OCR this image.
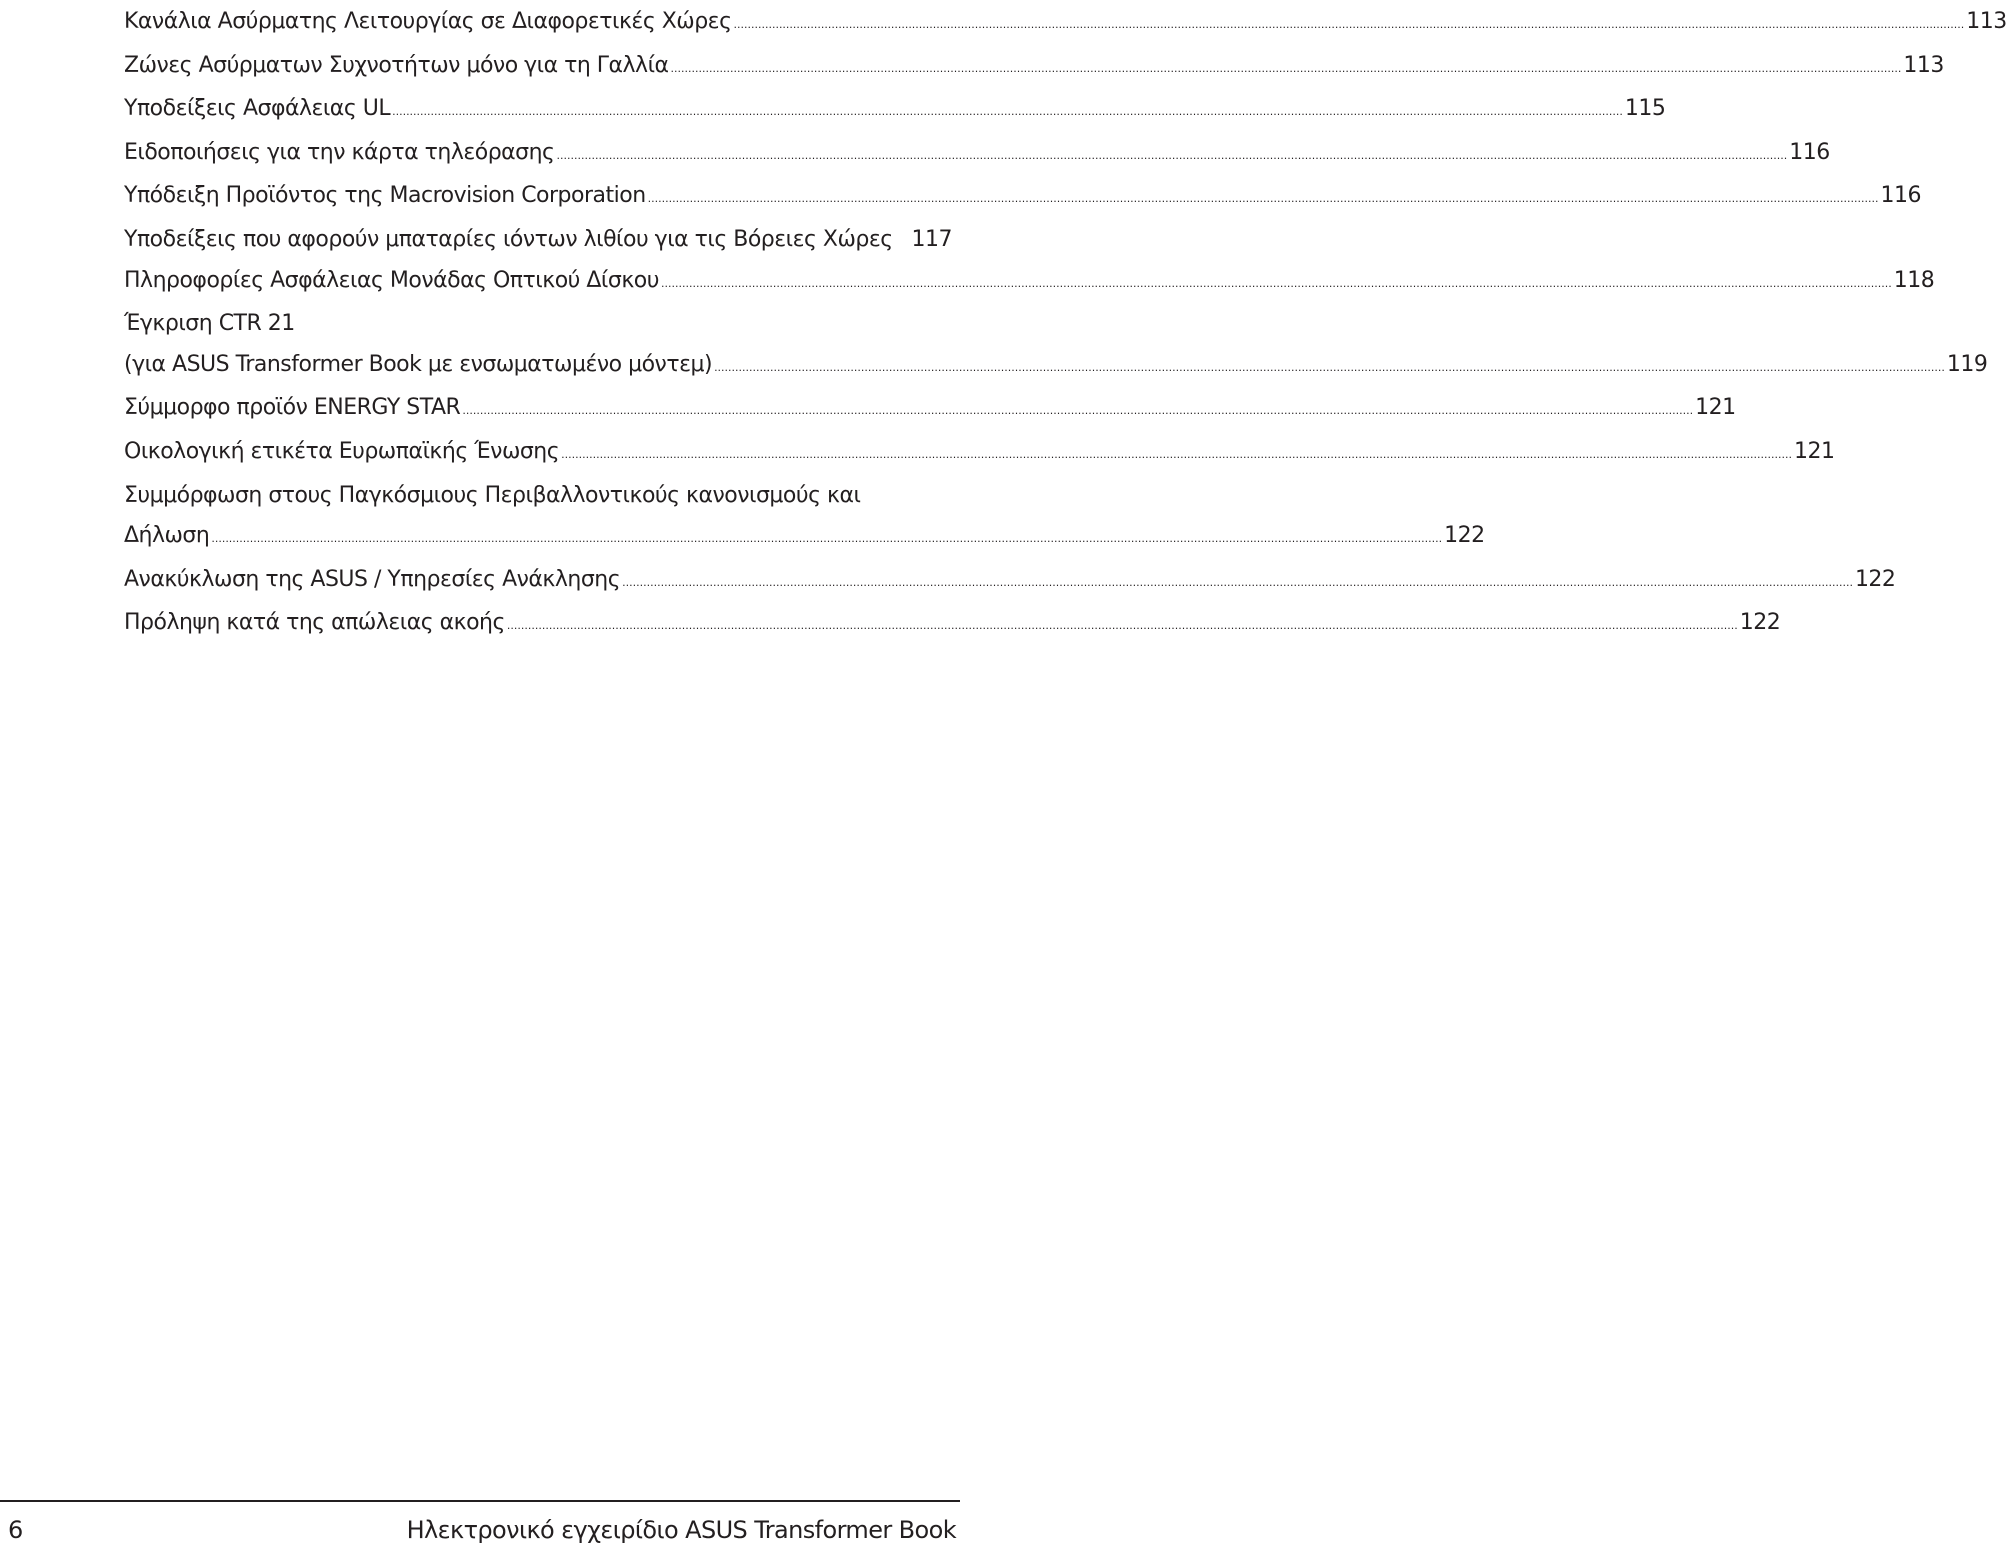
Κανάλια Ασύρματης Λειτουργίας σε Διαφορετικές Χώρες .....	113
Ζώνες Ασύρματων Συχνοτήτων μόνο για τη Γαλλία .....	113
Υποδείξεις Ασφάλειας UL .....	115
Ειδοποιήσεις για την κάρτα τηλεόρασης .....	116
Υπόδειξη Προϊόντος της Macrovision Corporation .....	116
Υποδείξεις που αφορούν μπαταρίες ιόντων λιθίου για τις Βόρειες Χώρες 117
Πληροφορίες Ασφάλειας Μονάδας Οπτικού Δίσκου .....	118
Έγκριση CTR 21
(για ASUS Transformer Book με ενσωματωμένο μόντεμ) .....	119
Σύμμορφο προϊόν ENERGY STAR .....	121
Οικολογική ετικέτα Ευρωπαϊκής Ένωσης .....	121
Συμμόρφωση στους Παγκόσμιους Περιβαλλοντικούς κανονισμούς και
Δήλωση .....	122
Ανακύκλωση της ASUS / Υπηρεσίες Ανάκλησης .....	122
Πρόληψη κατά της απώλειας ακοής .....	122
6	Ηλεκτρονικό εγχειρίδιο ASUS Transformer Book
